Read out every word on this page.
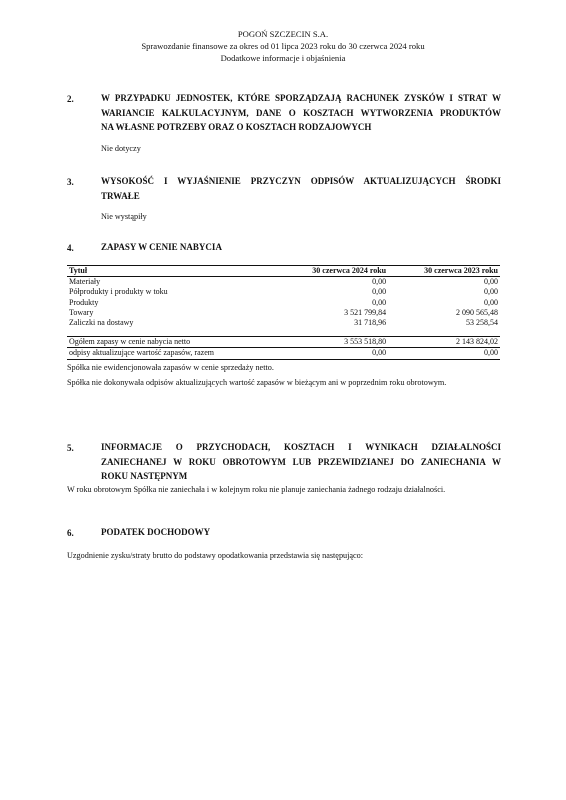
POGOŃ SZCZECIN S.A.
Sprawozdanie finansowe za okres od 01 lipca 2023 roku do 30 czerwca 2024 roku
Dodatkowe informacje i objaśnienia
2.	W PRZYPADKU JEDNOSTEK, KTÓRE SPORZĄDZAJĄ RACHUNEK ZYSKÓW I STRAT W
WARIANCIE KALKULACYJNYM, DANE O KOSZTACH WYTWORZENIA PRODUKTÓW
NA WŁASNE POTRZEBY ORAZ O KOSZTACH RODZAJOWYCH
Nie dotyczy
3.	WYSOKOŚĆ I WYJAŚNIENIE PRZYCZYN ODPISÓW AKTUALIZUJĄCYCH ŚRODKI
TRWAŁE
Nie wystąpiły
4.	ZAPASY W CENIE NABYCIA
Tytuł	30 czerwca 2024 roku	30 czerwca 2023 roku
Materiały	0,00	0,00
Półprodukty i produkty w toku	0,00	0,00
Produkty	0,00	0,00
Towary	3 521 799,84	2 090 565,48
Zaliczki na dostawy	31 718,96	53 258,54

Ogółem zapasy w cenie nabycia netto	3 553 518,80	2 143 824,02
odpisy aktualizujące wartość zapasów, razem	0,00	0,00
Spółka nie ewidencjonowała zapasów w cenie sprzedaży netto.
Spółka nie dokonywała odpisów aktualizujących wartość zapasów w bieżącym ani w poprzednim roku obrotowym.
5.	INFORMACJE O PRZYCHODACH, KOSZTACH I WYNIKACH DZIAŁALNOŚCI
ZANIECHANEJ W ROKU OBROTOWYM LUB PRZEWIDZIANEJ DO ZANIECHANIA W
ROKU NASTĘPNYM
W roku obrotowym Spółka nie zaniechała i w kolejnym roku nie planuje zaniechania żadnego rodzaju działalności.
6.	PODATEK DOCHODOWY
Uzgodnienie zysku/straty brutto do podstawy opodatkowania przedstawia się następująco:
